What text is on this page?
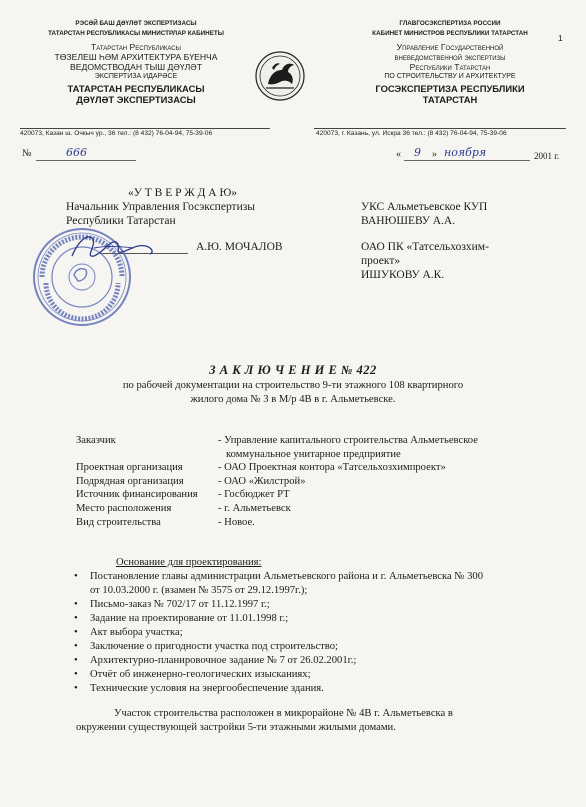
1
РЭСӘЙ БАШ ДӘҮЛӘТ ЭКСПЕРТИЗАСЫ
ТАТАРСТАН РЕСПУБЛИКАСЫ МИНИСТРЛАР КАБИНЕТЫ
Татарстан Республикасы
ТӨЗЕЛЕШ ҺӘМ АРХИТЕКТУРА БҮЕНЧА
ВЕДОМСТВОДАН ТЫШ ДӘҮЛӘТ
ЭКСПЕРТИЗА ИДАРӘСЕ
ТАТАРСТАН РЕСПУБЛИКАСЫ
ДӘҮЛӘТ ЭКСПЕРТИЗАСЫ
ГЛАВГОСЭКСПЕРТИЗА РОССИИ
КАБИНЕТ МИНИСТРОВ РЕСПУБЛИКИ ТАТАРСТАН
Управление Государственной
вневедомственной экспертизы
Республики Татарстан
ПО СТРОИТЕЛЬСТВУ И АРХИТЕКТУРЕ
ГОСЭКСПЕРТИЗА РЕСПУБЛИКИ
ТАТАРСТАН
420073, Казан ш. Очкыч ур., 36 тел.: (8 432) 76-04-94, 75-39-06	420073, г. Казань, ул. Искра 36 тел.: (8 432) 76-04-94, 75-39-06
№	666	« 9 » ноября	2001 г.
«У Т В Е Р Ж Д А Ю»
Начальник Управления Госэкспертизы
Республики Татарстан
А.Ю. МОЧАЛОВ
УКС Альметьевское КУП
ВАНЮШЕВУ А.А.
ОАО ПК «Татсельхозхим-
проект»
ИШУКОВУ А.К.
З А К Л Ю Ч Е Н И Е № 422
по рабочей документации на строительство 9-ти этажного 108 квартирного
жилого дома № 3 в М/р 4В в г. Альметьевске.
Заказчик	- Управление капитального строительства Альметьевское
коммунальное унитарное предприятие
Проектная организация	- ОАО Проектная контора «Татсельхозхимпроект»
Подрядная организация	- ОАО «Жилстрой»
Источник финансирования	- Госбюджет РТ
Место расположения	- г. Альметьевск
Вид строительства	- Новое.
Основание для проектирования:
• Постановление главы администрации Альметьевского района и г. Альметьевска № 300
от 10.03.2000 г. (взамен № 3575 от 29.12.1997г.);
• Письмо-заказ № 702/17 от 11.12.1997 г.;
• Задание на проектирование от 11.01.1998 г.;
• Акт выбора участка;
• Заключение о пригодности участка под строительство;
• Архитектурно-планировочное задание № 7 от 26.02.2001г.;
• Отчёт об инженерно-геологических изысканиях;
• Технические условия на энергообеспечение здания.
Участок строительства расположен в микрорайоне № 4В г. Альметьевска в
окружении существующей застройки 5-ти этажными жилыми домами.
